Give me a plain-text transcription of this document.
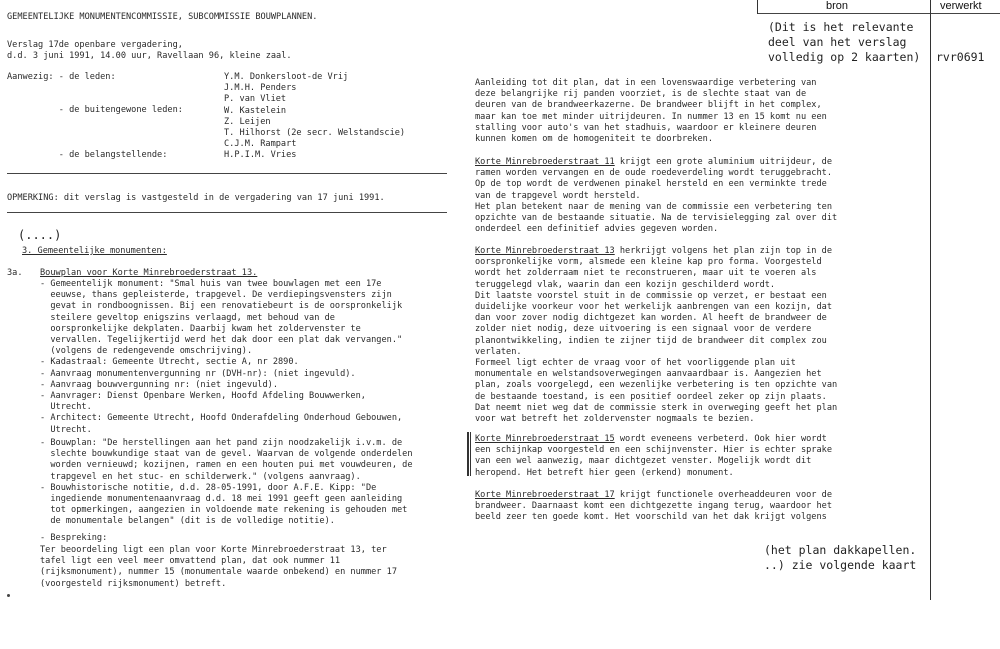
bron	verwerkt
(Dit is het relevante
deel van het verslag
volledig op 2 kaarten) rvr0691
GEMEENTELIJKE MONUMENTENCOMMISSIE, SUBCOMMISSIE BOUWPLANNEN.
Verslag 17de openbare vergadering,
d.d. 3 juni 1991, 14.00 uur, Ravellaan 96, kleine zaal.
Aanwezig: - de leden:	Y.M. Donkersloot-de Vrij
J.M.H. Penders
P. van Vliet
W. Kastelein
Z. Leijen
T. Hilhorst (2e secr. Welstandscie)
C.J.M. Rampart
H.P.I.M. Vries
- de buitengewone leden:
- de belangstellende:
OPMERKING: dit verslag is vastgesteld in de vergadering van 17 juni 1991.
(....)
3. Gemeentelijke monumenten:
3a. Bouwplan voor Korte Minrebroederstraat 13.
- Gemeentelijk monument: "Smal huis van twee bouwlagen met een 17e
eeuwse, thans gepleisterde, trapgevel. De verdiepingsvensters zijn
gevat in rondboognissen. Bij een renovatiebeurt is de oorspronkelijk
steilere geveltop enigszins verlaagd, met behoud van de
oorspronkelijke dekplaten. Daarbij kwam het zoldervenster te
vervallen. Tegelijkertijd werd het dak door een plat dak vervangen."
(volgens de redengevende omschrijving).
- Kadastraal: Gemeente Utrecht, sectie A, nr 2890.
- Aanvraag monumentenvergunning nr (DVH-nr): (niet ingevuld).
- Aanvraag bouwvergunning nr: (niet ingevuld).
- Aanvrager: Dienst Openbare Werken, Hoofd Afdeling Bouwwerken,
Utrecht.
- Architect: Gemeente Utrecht, Hoofd Onderafdeling Onderhoud Gebouwen,
Utrecht.
- Bouwplan: "De herstellingen aan het pand zijn noodzakelijk i.v.m. de
slechte bouwkundige staat van de gevel. Waarvan de volgende onderdelen
worden vernieuwd; kozijnen, ramen en een houten pui met vouwdeuren, de
trapgevel en het stuc- en schilderwerk." (volgens aanvraag).
- Bouwhistorische notitie, d.d. 28-05-1991, door A.F.E. Kipp: "De
ingediende monumentenaanvraag d.d. 18 mei 1991 geeft geen aanleiding
tot opmerkingen, aangezien in voldoende mate rekening is gehouden met
de monumentale belangen" (dit is de volledige notitie).
- Bespreking:
Ter beoordeling ligt een plan voor Korte Minrebroederstraat 13, ter
tafel ligt een veel meer omvattend plan, dat ook nummer 11
(rijksmonument), nummer 15 (monumentale waarde onbekend) en nummer 17
(voorgesteld rijksmonument) betreft.
Aanleiding tot dit plan, dat in een lovenswaardige verbetering van
deze belangrijke rij panden voorziet, is de slechte staat van de
deuren van de brandweerkazerne. De brandweer blijft in het complex,
maar kan toe met minder uitrijdeuren. In nummer 13 en 15 komt nu een
stalling voor auto's van het stadhuis, waardoor er kleinere deuren
kunnen komen om de homogeniteit te doorbreken.
Korte Minrebroederstraat 11 krijgt een grote aluminium uitrijdeur, de
ramen worden vervangen en de oude roedeverdeling wordt teruggebracht.
Op de top wordt de verdwenen pinakel hersteld en een verminkte trede
van de trapgevel wordt hersteld.
Het plan betekent naar de mening van de commissie een verbetering ten
opzichte van de bestaande situatie. Na de tervisielegging zal over dit
onderdeel een definitief advies gegeven worden.
Korte Minrebroederstraat 13 herkrijgt volgens het plan zijn top in de
oorspronkelijke vorm, alsmede een kleine kap pro forma. Voorgesteld
wordt het zolderraam niet te reconstrueren, maar uit te voeren als
teruggelegd vlak, waarin dan een kozijn geschilderd wordt.
Dit laatste voorstel stuit in de commissie op verzet, er bestaat een
duidelijke voorkeur voor het werkelijk aanbrengen van een kozijn, dat
dan voor zover nodig dichtgezet kan worden. Al heeft de brandweer de
zolder niet nodig, deze uitvoering is een signaal voor de verdere
planontwikkeling, indien te zijner tijd de brandweer dit complex zou
verlaten.
Formeel ligt echter de vraag voor of het voorliggende plan uit
monumentale en welstandsoverwegingen aanvaardbaar is. Aangezien het
plan, zoals voorgelegd, een wezenlijke verbetering is ten opzichte van
de bestaande toestand, is een positief oordeel zeker op zijn plaats.
Dat neemt niet weg dat de commissie sterk in overweging geeft het plan
voor wat betreft het zoldervenster nogmaals te bezien.
Korte Minrebroederstraat 15 wordt eveneens verbeterd. Ook hier wordt
een schijnkap voorgesteld en een schijnvenster. Hier is echter sprake
van een wel aanwezig, maar dichtgezet venster. Mogelijk wordt dit
heropend. Het betreft hier geen (erkend) monument.
Korte Minrebroederstraat 17 krijgt functionele overheaddeuren voor de
brandweer. Daarnaast komt een dichtgezette ingang terug, waardoor het
beeld zeer ten goede komt. Het voorschild van het dak krijgt volgens
(het plan dakkapellen.
..) zie volgende kaart
